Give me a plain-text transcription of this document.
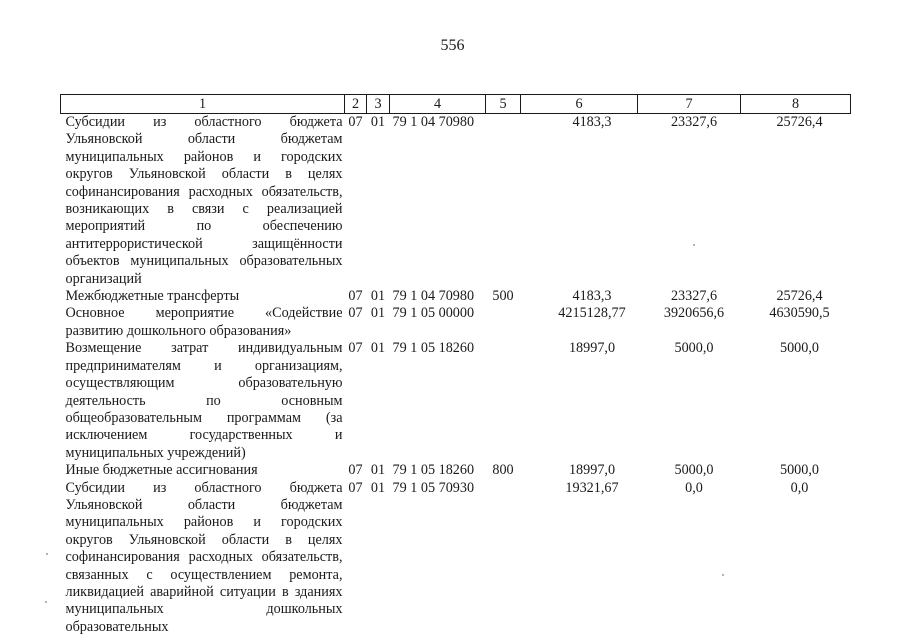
556
1	2	3	4	5	6	7	8
Субсидии из областного бюджета Ульяновской области бюджетам муниципальных районов и городских округов Ульяновской области в целях софинансирования расходных обязательств, возникающих в связи с реализацией мероприятий по обеспечению антитеррористической защищённости объектов муниципальных образовательных организаций	07	01	79 1 04 70980		4183,3	23327,6	25726,4
Межбюджетные трансферты	07	01	79 1 04 70980	500	4183,3	23327,6	25726,4
Основное мероприятие «Содействие развитию дошкольного образования»	07	01	79 1 05 00000		4215128,77	3920656,6	4630590,5
Возмещение затрат индивидуальным предпринимателям и организациям, осуществляющим образовательную деятельность по основным общеобразовательным программам (за исключением государственных и муниципальных учреждений)	07	01	79 1 05 18260		18997,0	5000,0	5000,0
Иные бюджетные ассигнования	07	01	79 1 05 18260	800	18997,0	5000,0	5000,0
Субсидии из областного бюджета Ульяновской области бюджетам муниципальных районов и городских округов Ульяновской области в целях софинансирования расходных обязательств, связанных с осуществлением ремонта, ликвидацией аварийной ситуации в зданиях муниципальных дошкольных образовательных	07	01	79 1 05 70930		19321,67	0,0	0,0
